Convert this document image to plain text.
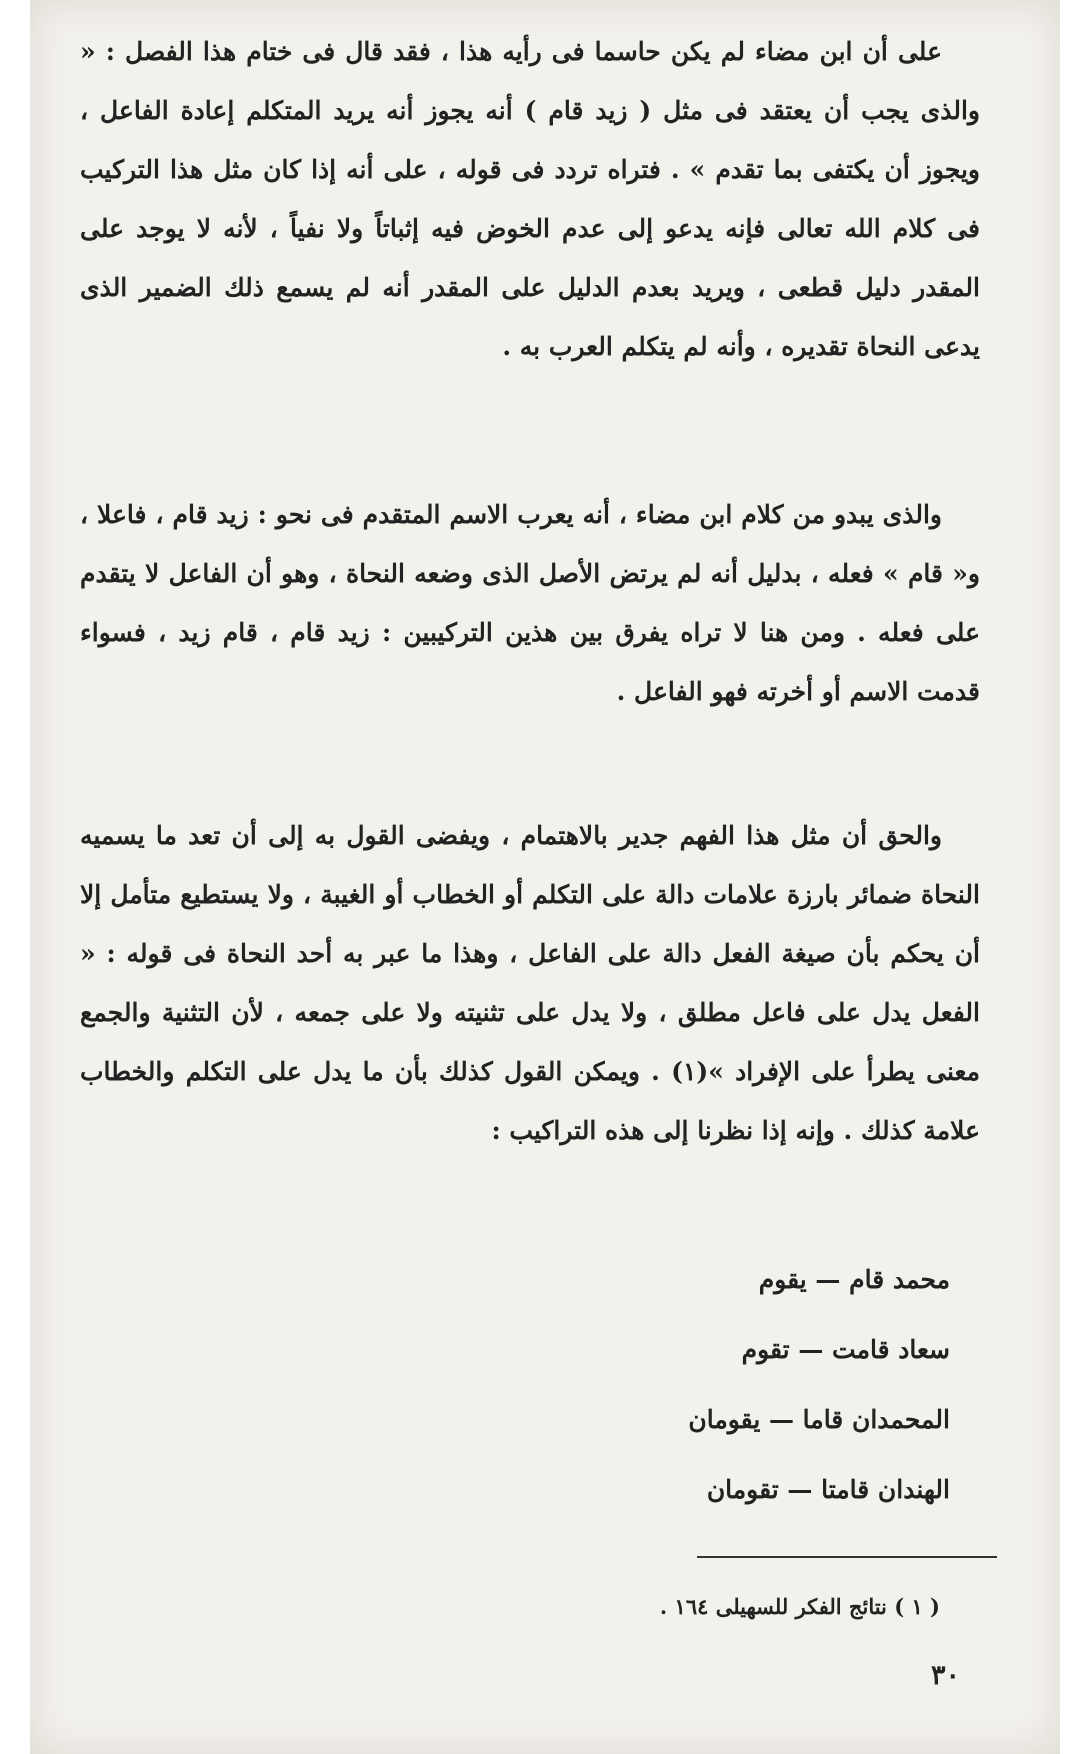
على أن ابن مضاء لم يكن حاسما فى رأيه هذا ، فقد قال فى ختام هذا الفصل : « والذى يجب أن يعتقد فى مثل ( زيد قام ) أنه يجوز أنه يريد المتكلم إعادة الفاعل ، ويجوز أن يكتفى بما تقدم » . فتراه تردد فى قوله ، على أنه إذا كان مثل هذا التركيب فى كلام الله تعالى فإنه يدعو إلى عدم الخوض فيه إثباتاً ولا نفياً ، لأنه لا يوجد على المقدر دليل قطعى ، ويريد بعدم الدليل على المقدر أنه لم يسمع ذلك الضمير الذى يدعى النحاة تقديره ، وأنه لم يتكلم العرب به .

والذى يبدو من كلام ابن مضاء ، أنه يعرب الاسم المتقدم فى نحو : زيد قام ، فاعلا ، و« قام » فعله ، بدليل أنه لم يرتض الأصل الذى وضعه النحاة ، وهو أن الفاعل لا يتقدم على فعله . ومن هنا لا تراه يفرق بين هذين التركيبين : زيد قام ، قام زيد ، فسواء قدمت الاسم أو أخرته فهو الفاعل .

والحق أن مثل هذا الفهم جدير بالاهتمام ، ويفضى القول به إلى أن تعد ما يسميه النحاة ضمائر بارزة علامات دالة على التكلم أو الخطاب أو الغيبة ، ولا يستطيع متأمل إلا أن يحكم بأن صيغة الفعل دالة على الفاعل ، وهذا ما عبر به أحد النحاة فى قوله : « الفعل يدل على فاعل مطلق ، ولا يدل على تثنيته ولا على جمعه ، لأن التثنية والجمع معنى يطرأ على الإفراد »(١) . ويمكن القول كذلك بأن ما يدل على التكلم والخطاب علامة كذلك . وإنه إذا نظرنا إلى هذه التراكيب :

محمد قام — يقوم
سعاد قامت — تقوم
المحمدان قاما — يقومان
الهندان قامتا — تقومان
( ١ ) نتائج الفكر للسهيلى ١٦٤ .
٣٠
